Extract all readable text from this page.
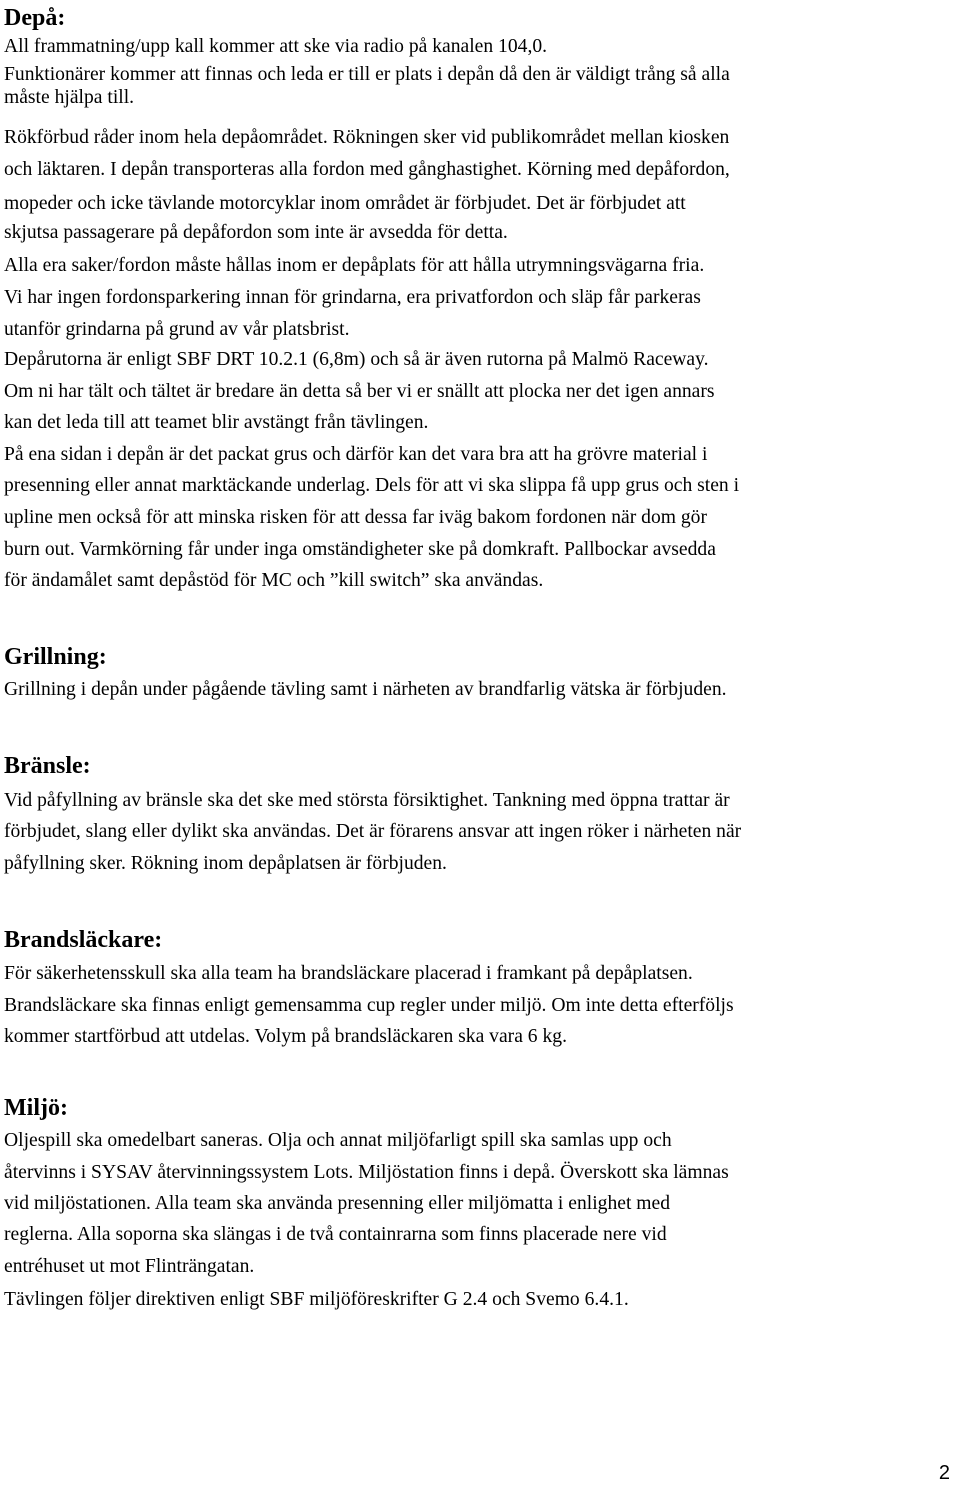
Depå:
All frammatning/upp kall kommer att ske via radio på kanalen 104,0.
Funktionärer kommer att finnas och leda er till er plats i depån då den är väldigt trång så alla
måste hjälpa till.
Rökförbud råder inom hela depåområdet. Rökningen sker vid publikområdet mellan kiosken
och läktaren. I depån transporteras alla fordon med gånghastighet. Körning med depåfordon,
mopeder och icke tävlande motorcyklar inom området är förbjudet. Det är förbjudet att
skjutsa passagerare på depåfordon som inte är avsedda för detta.
Alla era saker/fordon måste hållas inom er depåplats för att hålla utrymningsvägarna fria.
Vi har ingen fordonsparkering innan för grindarna, era privatfordon och släp får parkeras
utanför grindarna på grund av vår platsbrist.
Depårutorna är enligt SBF DRT 10.2.1 (6,8m) och så är även rutorna på Malmö Raceway.
Om ni har tält och tältet är bredare än detta så ber vi er snällt att plocka ner det igen annars
kan det leda till att teamet blir avstängt från tävlingen.
På ena sidan i depån är det packat grus och därför kan det vara bra att ha grövre material i
presenning eller annat marktäckande underlag. Dels för att vi ska slippa få upp grus och sten i
upline men också för att minska risken för att dessa far iväg bakom fordonen när dom gör
burn out. Varmkörning får under inga omständigheter ske på domkraft. Pallbockar avsedda
för ändamålet samt depåstöd för MC och ”kill switch” ska användas.
Grillning:
Grillning i depån under pågående tävling samt i närheten av brandfarlig vätska är förbjuden.
Bränsle:
Vid påfyllning av bränsle ska det ske med största försiktighet. Tankning med öppna trattar är
förbjudet, slang eller dylikt ska användas. Det är förarens ansvar att ingen röker i närheten när
påfyllning sker. Rökning inom depåplatsen är förbjuden.
Brandsläckare:
För säkerhetensskull ska alla team ha brandsläckare placerad i framkant på depåplatsen.
Brandsläckare ska finnas enligt gemensamma cup regler under miljö. Om inte detta efterföljs
kommer startförbud att utdelas. Volym på brandsläckaren ska vara 6 kg.
Miljö:
Oljespill ska omedelbart saneras. Olja och annat miljöfarligt spill ska samlas upp och
återvinns i SYSAV återvinningssystem Lots. Miljöstation finns i depå. Överskott ska lämnas
vid miljöstationen. Alla team ska använda presenning eller miljömatta i enlighet med
reglerna. Alla soporna ska slängas i de två containrarna som finns placerade nere vid
entréhuset ut mot Flinträngatan.
Tävlingen följer direktiven enligt SBF miljöföreskrifter G 2.4 och Svemo 6.4.1.
2
